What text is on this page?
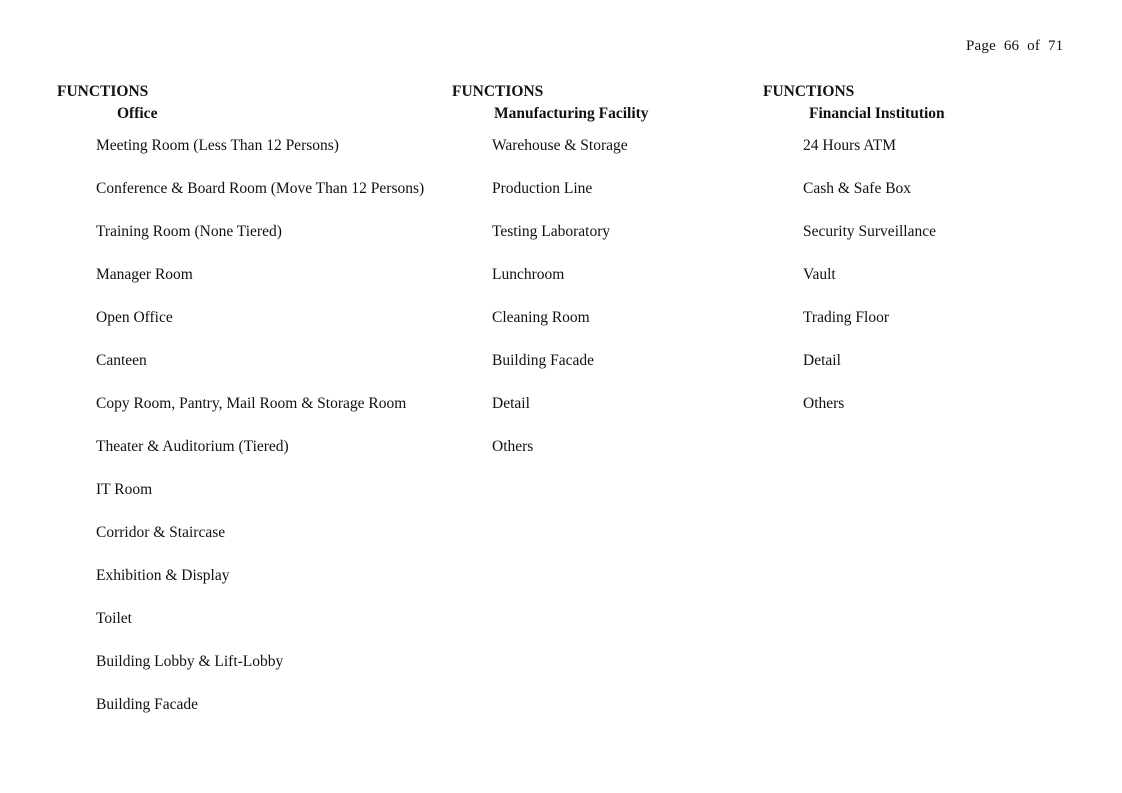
Page  66  of  71
FUNCTIONS
Office
Meeting Room (Less Than 12 Persons)
Conference & Board Room (Move Than 12 Persons)
Training Room (None Tiered)
Manager Room
Open Office
Canteen
Copy Room, Pantry, Mail Room & Storage Room
Theater & Auditorium (Tiered)
IT Room
Corridor & Staircase
Exhibition & Display
Toilet
Building Lobby & Lift-Lobby
Building Facade
FUNCTIONS
Manufacturing Facility
Warehouse & Storage
Production Line
Testing Laboratory
Lunchroom
Cleaning Room
Building Facade
Detail
Others
FUNCTIONS
Financial Institution
24 Hours ATM
Cash & Safe Box
Security Surveillance
Vault
Trading Floor
Detail
Others
